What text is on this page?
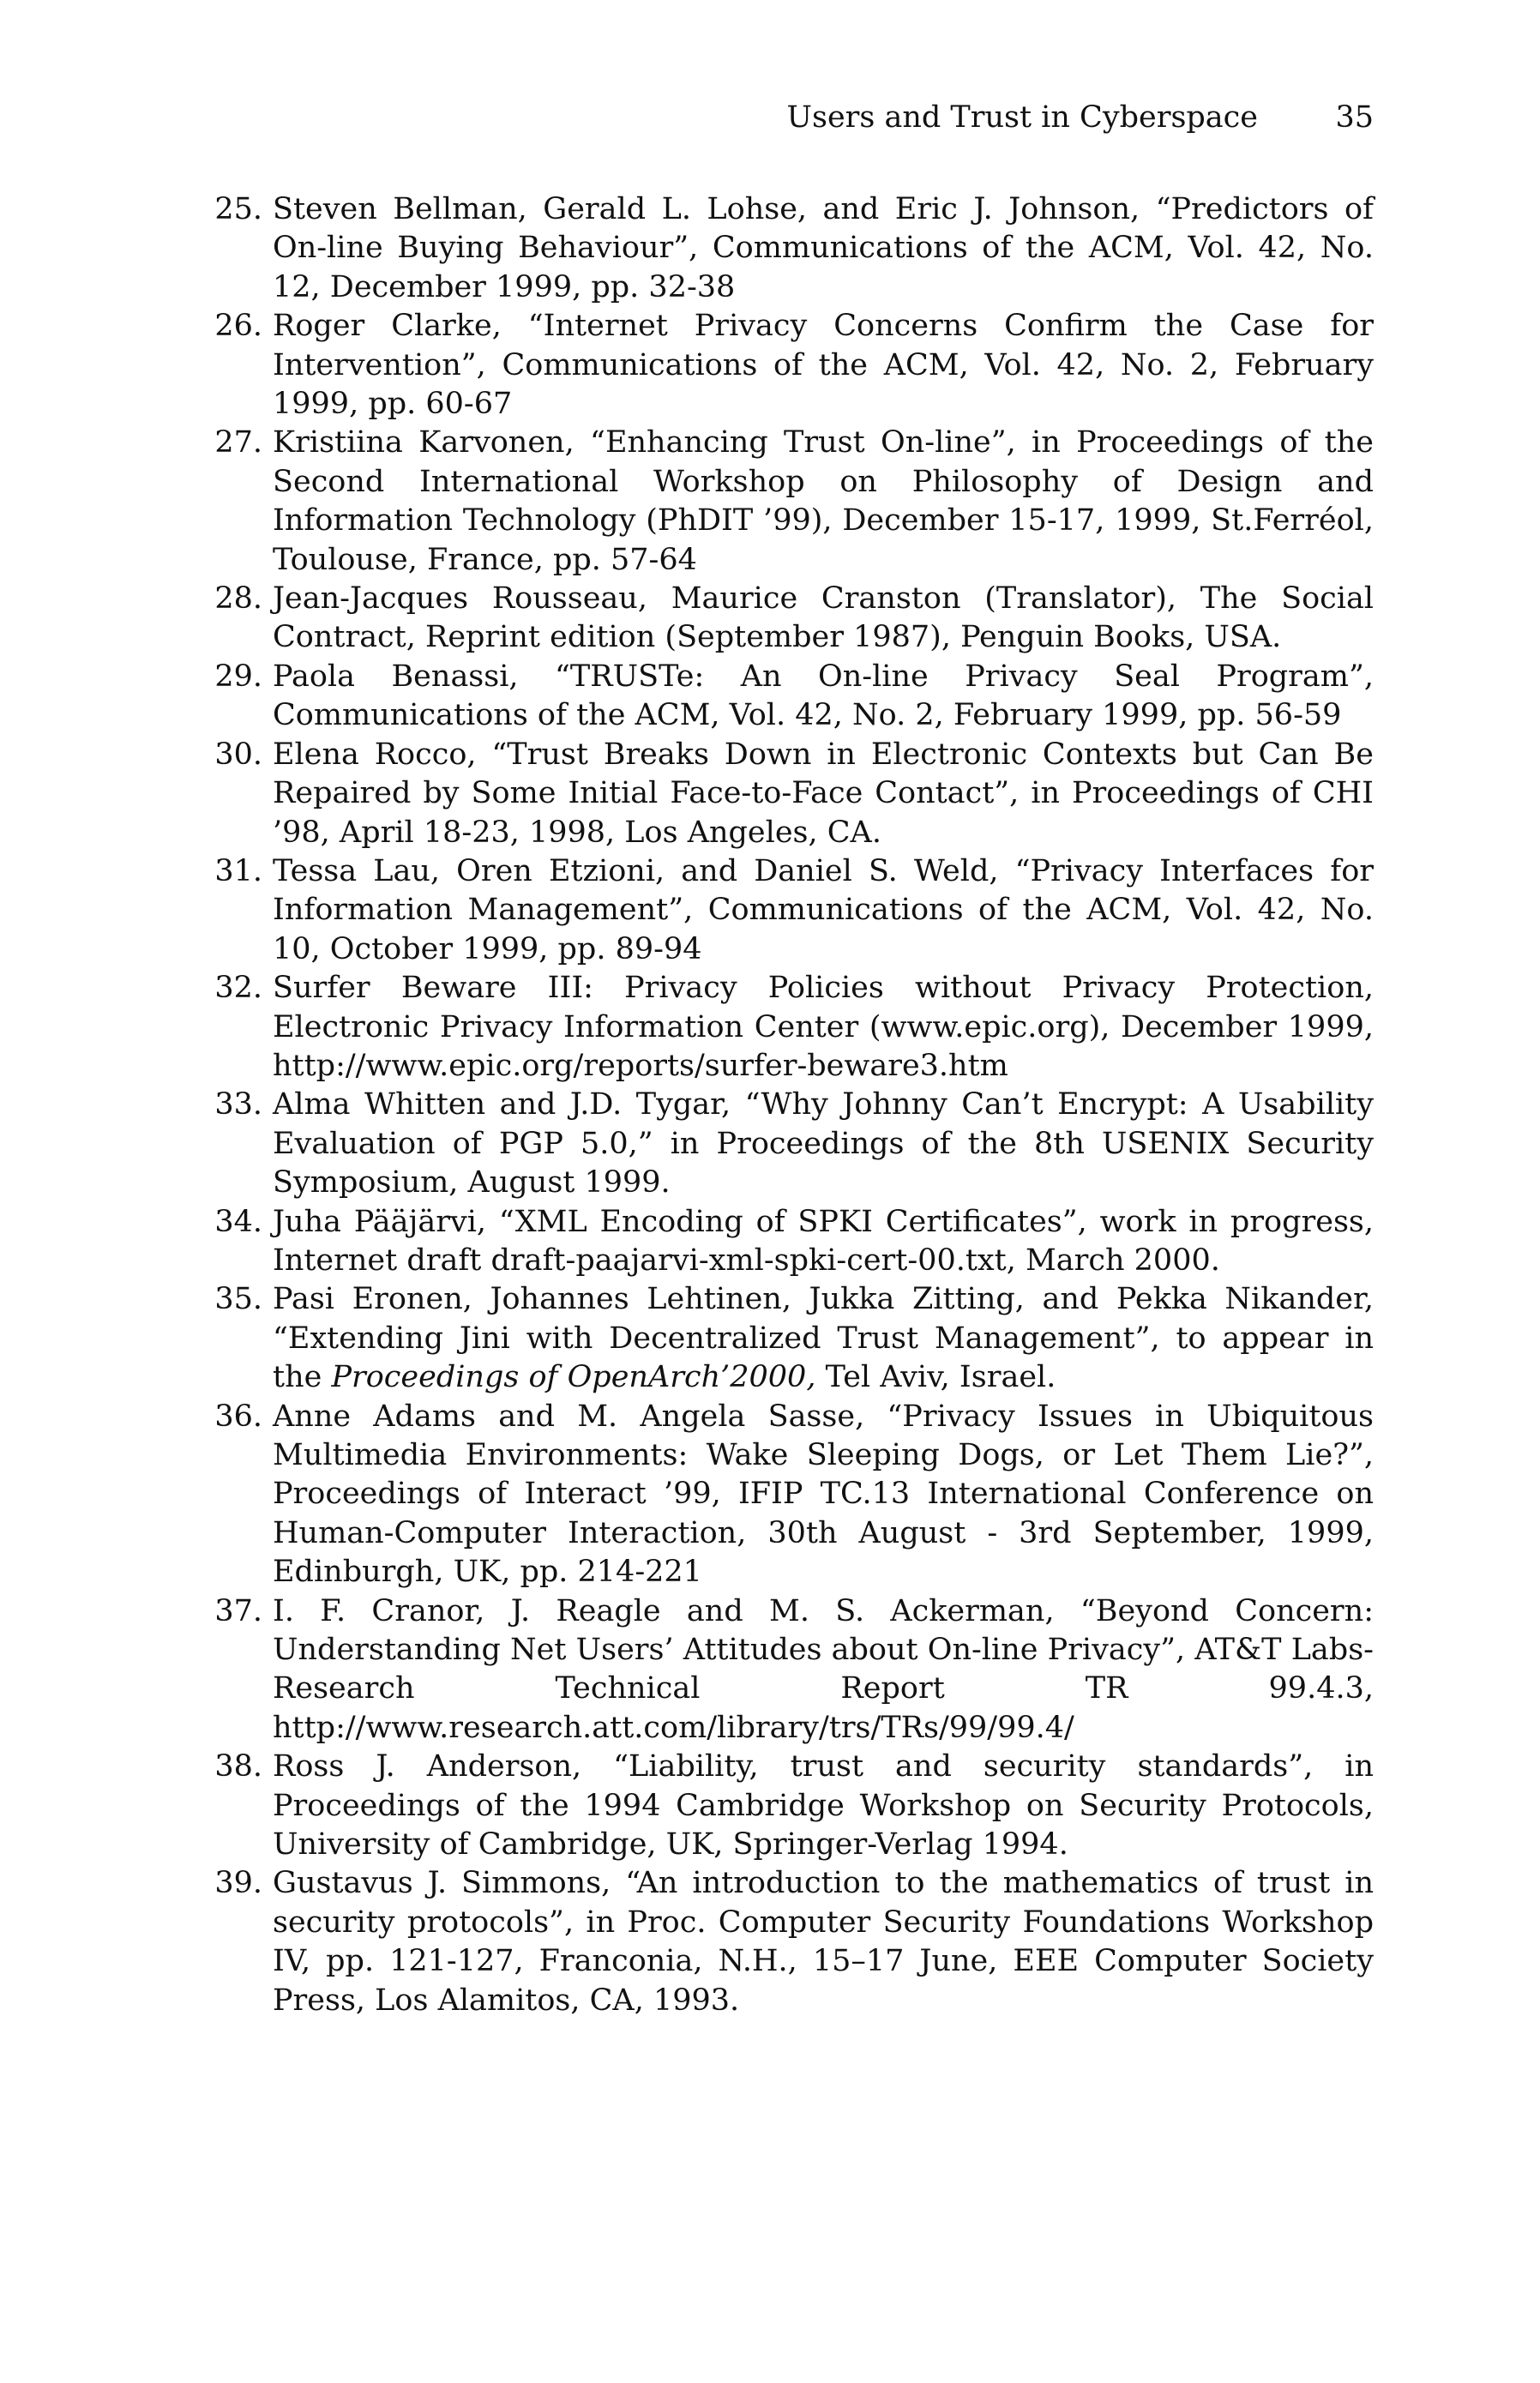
Users and Trust in Cyberspace	35
25. Steven Bellman, Gerald L. Lohse, and Eric J. Johnson, “Predictors of On-line Buying Behaviour”, Communications of the ACM, Vol. 42, No. 12, December 1999, pp. 32-38
26. Roger Clarke, “Internet Privacy Concerns Confirm the Case for Intervention”, Communications of the ACM, Vol. 42, No. 2, February 1999, pp. 60-67
27. Kristiina Karvonen, “Enhancing Trust On-line”, in Proceedings of the Second International Workshop on Philosophy of Design and Information Technology (PhDIT ’99), December 15-17, 1999, St.Ferréol, Toulouse, France, pp. 57-64
28. Jean-Jacques Rousseau, Maurice Cranston (Translator), The Social Contract, Reprint edition (September 1987), Penguin Books, USA.
29. Paola Benassi, “TRUSTe: An On-line Privacy Seal Program”, Communications of the ACM, Vol. 42, No. 2, February 1999, pp. 56-59
30. Elena Rocco, “Trust Breaks Down in Electronic Contexts but Can Be Repaired by Some Initial Face-to-Face Contact”, in Proceedings of CHI ’98, April 18-23, 1998, Los Angeles, CA.
31. Tessa Lau, Oren Etzioni, and Daniel S. Weld, “Privacy Interfaces for Information Management”, Communications of the ACM, Vol. 42, No. 10, October 1999, pp. 89-94
32. Surfer Beware III: Privacy Policies without Privacy Protection, Electronic Privacy Information Center (www.epic.org), December 1999, http://www.epic.org/reports/surfer-beware3.htm
33. Alma Whitten and J.D. Tygar, “Why Johnny Can’t Encrypt: A Usability Evaluation of PGP 5.0,” in Proceedings of the 8th USENIX Security Symposium, August 1999.
34. Juha Pääjärvi, “XML Encoding of SPKI Certificates”, work in progress, Internet draft draft-paajarvi-xml-spki-cert-00.txt, March 2000.
35. Pasi Eronen, Johannes Lehtinen, Jukka Zitting, and Pekka Nikander, “Extending Jini with Decentralized Trust Management”, to appear in the Proceedings of OpenArch’2000, Tel Aviv, Israel.
36. Anne Adams and M. Angela Sasse, “Privacy Issues in Ubiquitous Multimedia Environments: Wake Sleeping Dogs, or Let Them Lie?”, Proceedings of Interact ’99, IFIP TC.13 International Conference on Human-Computer Interaction, 30th August - 3rd September, 1999, Edinburgh, UK, pp. 214-221
37. I. F. Cranor, J. Reagle and M. S. Ackerman, “Beyond Concern: Understanding Net Users’ Attitudes about On-line Privacy”, AT&T Labs-Research Technical Report TR 99.4.3, http://www.research.att.com/library/trs/TRs/99/99.4/
38. Ross J. Anderson, “Liability, trust and security standards”, in Proceedings of the 1994 Cambridge Workshop on Security Protocols, University of Cambridge, UK, Springer-Verlag 1994.
39. Gustavus J. Simmons, “An introduction to the mathematics of trust in security protocols”, in Proc. Computer Security Foundations Workshop IV, pp. 121-127, Franconia, N.H., 15–17 June, EEE Computer Society Press, Los Alamitos, CA, 1993.
